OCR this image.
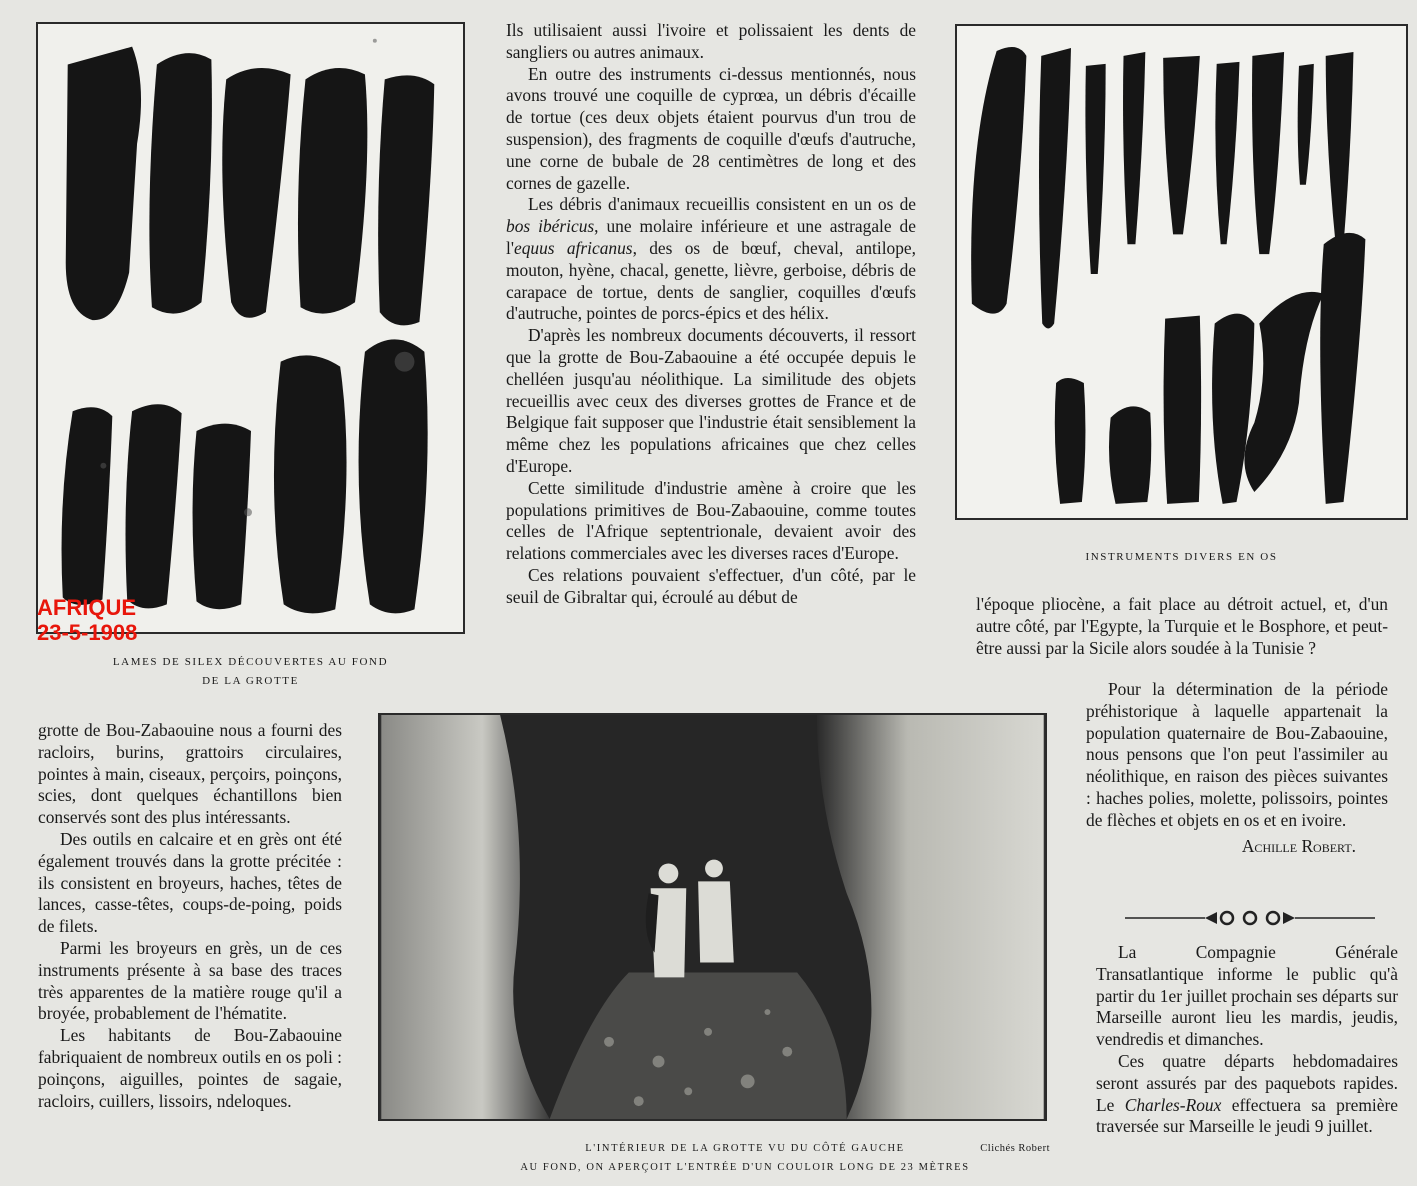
AFRIQUE
23-5-1908
LAMES DE SILEX DÉCOUVERTES AU FOND
DE LA GROTTE

Ils utilisaient aussi l'ivoire et polissaient les dents de sangliers ou autres animaux.

En outre des instruments ci-dessus mentionnés, nous avons trouvé une coquille de cyprœa, un débris d'écaille de tortue (ces deux objets étaient pourvus d'un trou de suspension), des fragments de coquille d'œufs d'autruche, une corne de bubale de 28 centimètres de long et des cornes de gazelle.

Les débris d'animaux recueillis consistent en un os de bos ibéricus, une molaire inférieure et une astragale de l'equus africanus, des os de bœuf, cheval, antilope, mouton, hyène, chacal, genette, lièvre, gerboise, débris de carapace de tortue, dents de sanglier, coquilles d'œufs d'autruche, pointes de porcs-épics et des hélix.

D'après les nombreux documents découverts, il ressort que la grotte de Bou-Zabaouine a été occupée depuis le chelléen jusqu'au néolithique. La similitude des objets recueillis avec ceux des diverses grottes de France et de Belgique fait supposer que l'industrie était sensiblement la même chez les populations africaines que chez celles d'Europe.

Cette similitude d'industrie amène à croire que les populations primitives de Bou-Zabaouine, comme toutes celles de l'Afrique septentrionale, devaient avoir des relations commerciales avec les diverses races d'Europe.

Ces relations pouvaient s'effectuer, d'un côté, par le seuil de Gibraltar qui, écroulé au début de

INSTRUMENTS DIVERS EN OS

grotte de Bou-Zabaouine nous a fourni des racloirs, burins, grattoirs circulaires, pointes à main, ciseaux, perçoirs, poinçons, scies, dont quelques échantillons bien conservés sont des plus intéressants.

Des outils en calcaire et en grès ont été également trouvés dans la grotte précitée : ils consistent en broyeurs, haches, têtes de lances, casse-têtes, coups-de-poing, poids de filets.

Parmi les broyeurs en grès, un de ces instruments présente à sa base des traces très apparentes de la matière rouge qu'il a broyée, probablement de l'hématite.

Les habitants de Bou-Zabaouine fabriquaient de nombreux outils en os poli : poinçons, aiguilles, pointes de sagaie, racloirs, cuillers, lissoirs, ndeloques.

L'INTÉRIEUR DE LA GROTTE VU DU CÔTÉ GAUCHE	Clichés Robert
AU FOND, ON APERÇOIT L'ENTRÉE D'UN COULOIR LONG DE 23 MÈTRES

l'époque pliocène, a fait place au détroit actuel, et, d'un autre côté, par l'Egypte, la Turquie et le Bosphore, et peut-être aussi par la Sicile alors soudée à la Tunisie ?

Pour la détermination de la période préhistorique à laquelle appartenait la population quaternaire de Bou-Zabaouine, nous pensons que l'on peut l'assimiler au néolithique, en raison des pièces suivantes : haches polies, molette, polissoirs, pointes de flèches et objets en os et en ivoire.

Achille Robert.

La Compagnie Générale Transatlantique informe le public qu'à partir du 1er juillet prochain ses départs sur Marseille auront lieu les mardis, jeudis, vendredis et dimanches.

Ces quatre départs hebdomadaires seront assurés par des paquebots rapides. Le Charles-Roux effectuera sa première traversée sur Marseille le jeudi 9 juillet.
